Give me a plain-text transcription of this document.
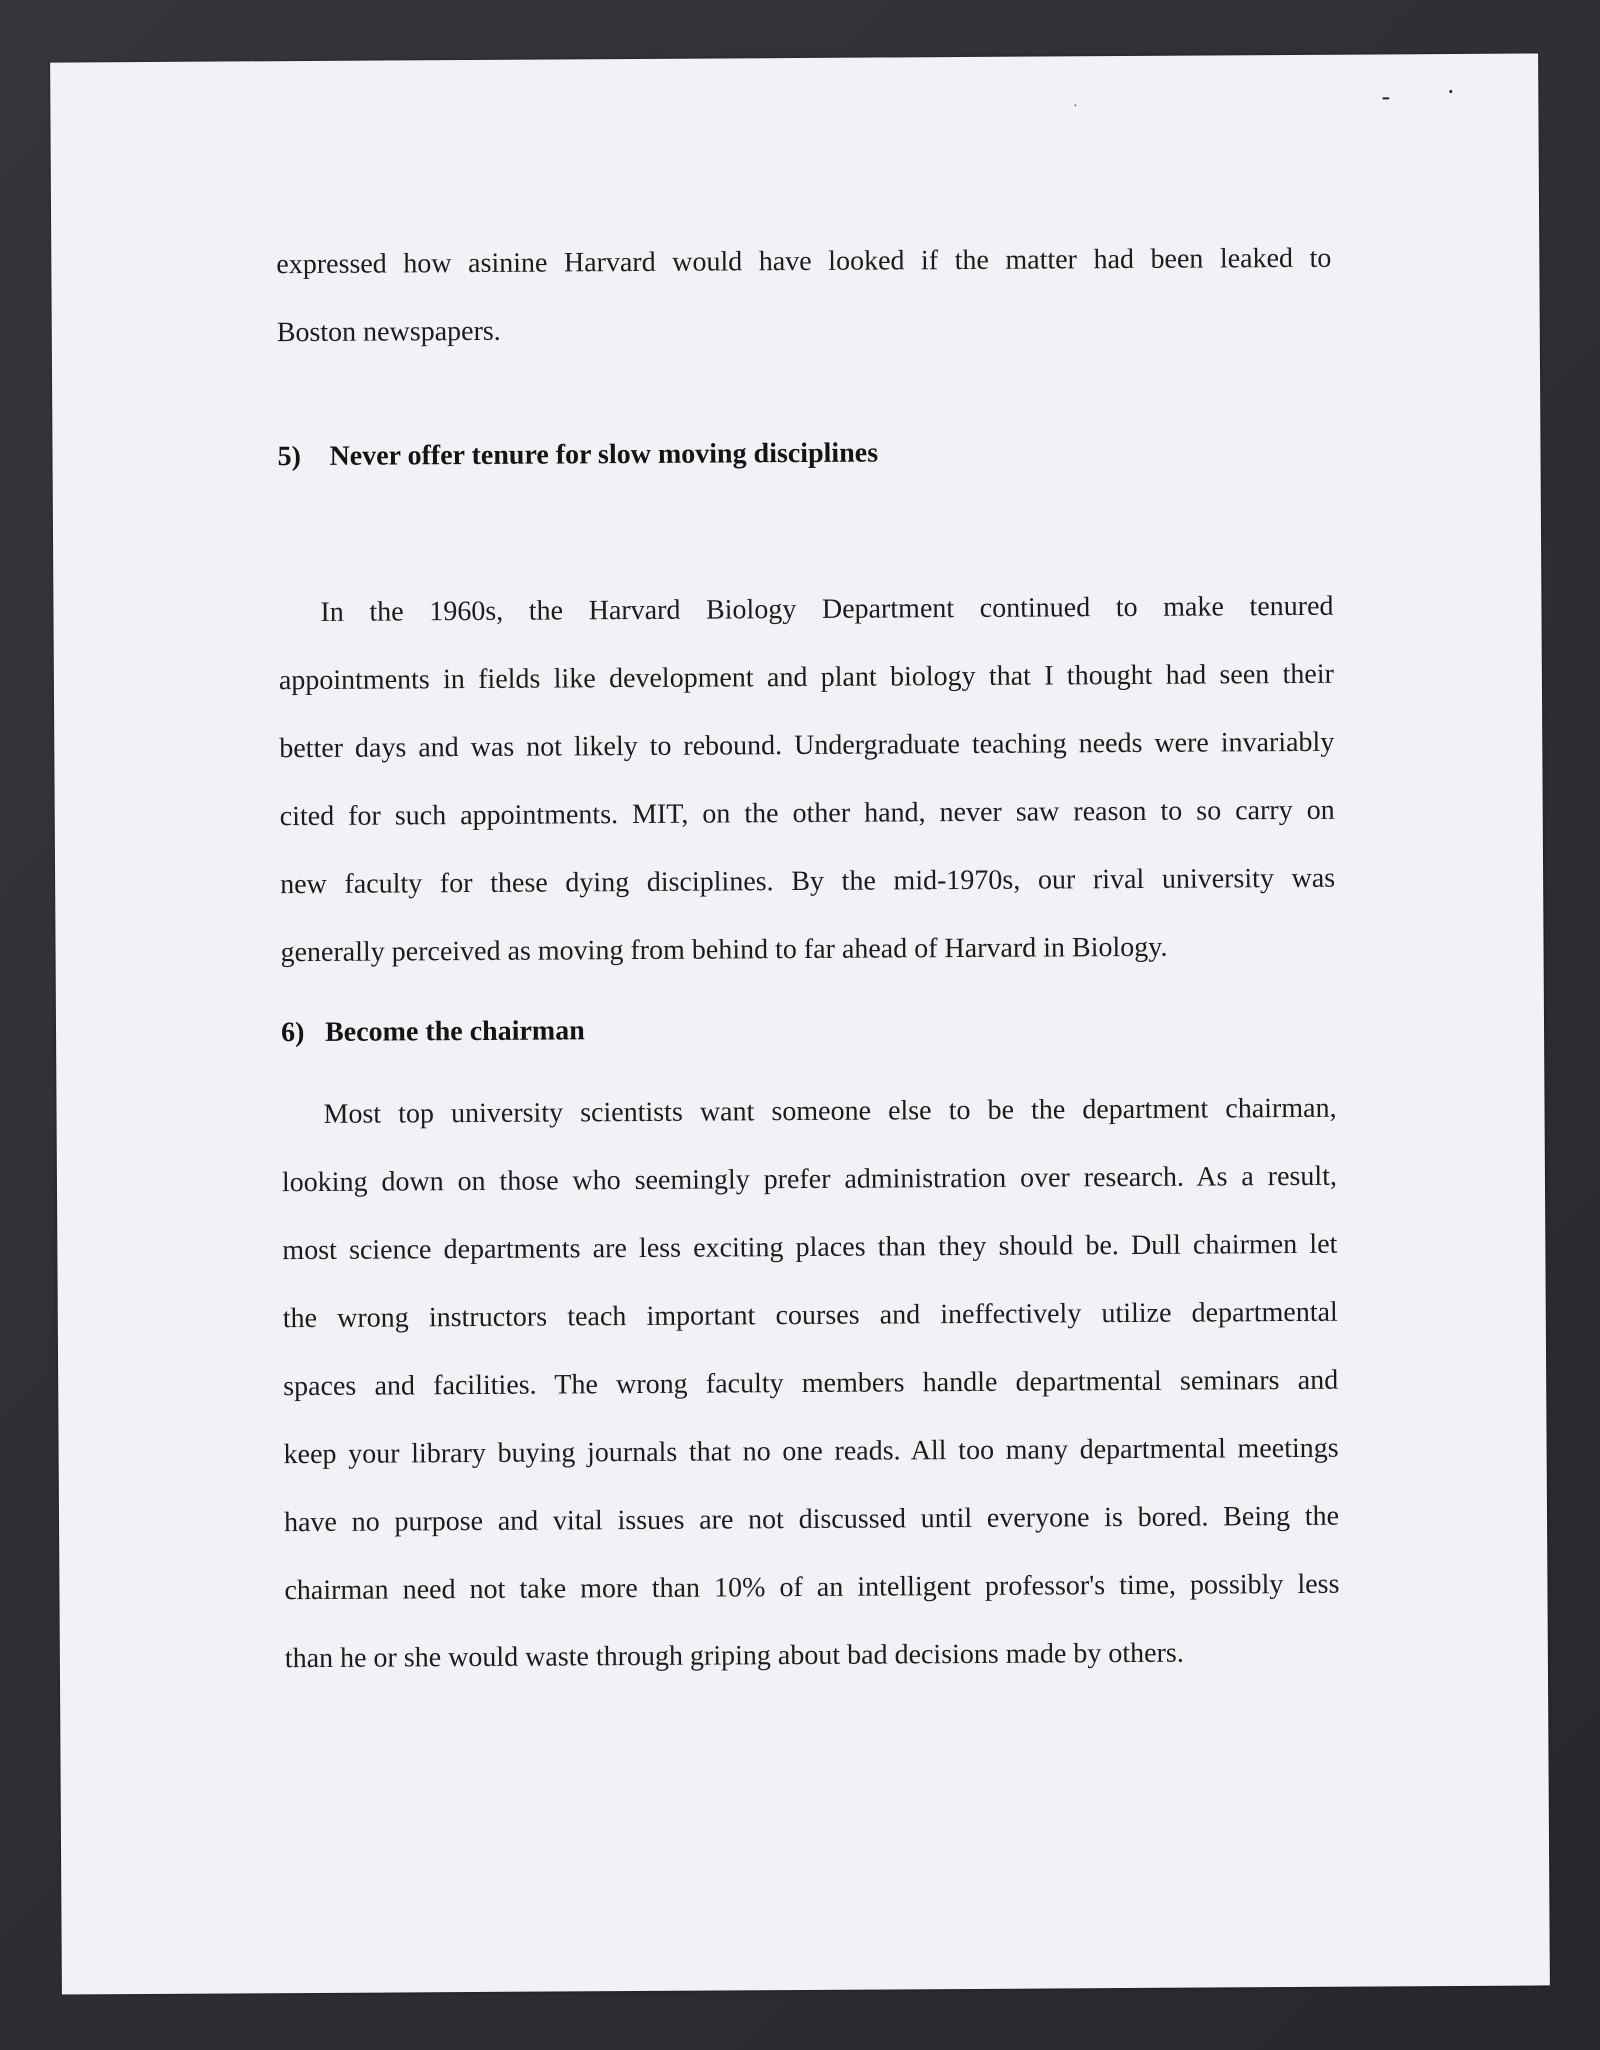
expressed how asinine Harvard would have looked if the matter had been leaked to
Boston newspapers.
5) Never offer tenure for slow moving disciplines
In the 1960s, the Harvard Biology Department continued to make tenured
appointments in fields like development and plant biology that I thought had seen their
better days and was not likely to rebound. Undergraduate teaching needs were invariably
cited for such appointments. MIT, on the other hand, never saw reason to so carry on
new faculty for these dying disciplines. By the mid-1970s, our rival university was
generally perceived as moving from behind to far ahead of Harvard in Biology.
6) Become the chairman
Most top university scientists want someone else to be the department chairman,
looking down on those who seemingly prefer administration over research. As a result,
most science departments are less exciting places than they should be. Dull chairmen let
the wrong instructors teach important courses and ineffectively utilize departmental
spaces and facilities. The wrong faculty members handle departmental seminars and
keep your library buying journals that no one reads. All too many departmental meetings
have no purpose and vital issues are not discussed until everyone is bored. Being the
chairman need not take more than 10% of an intelligent professor's time, possibly less
than he or she would waste through griping about bad decisions made by others.
